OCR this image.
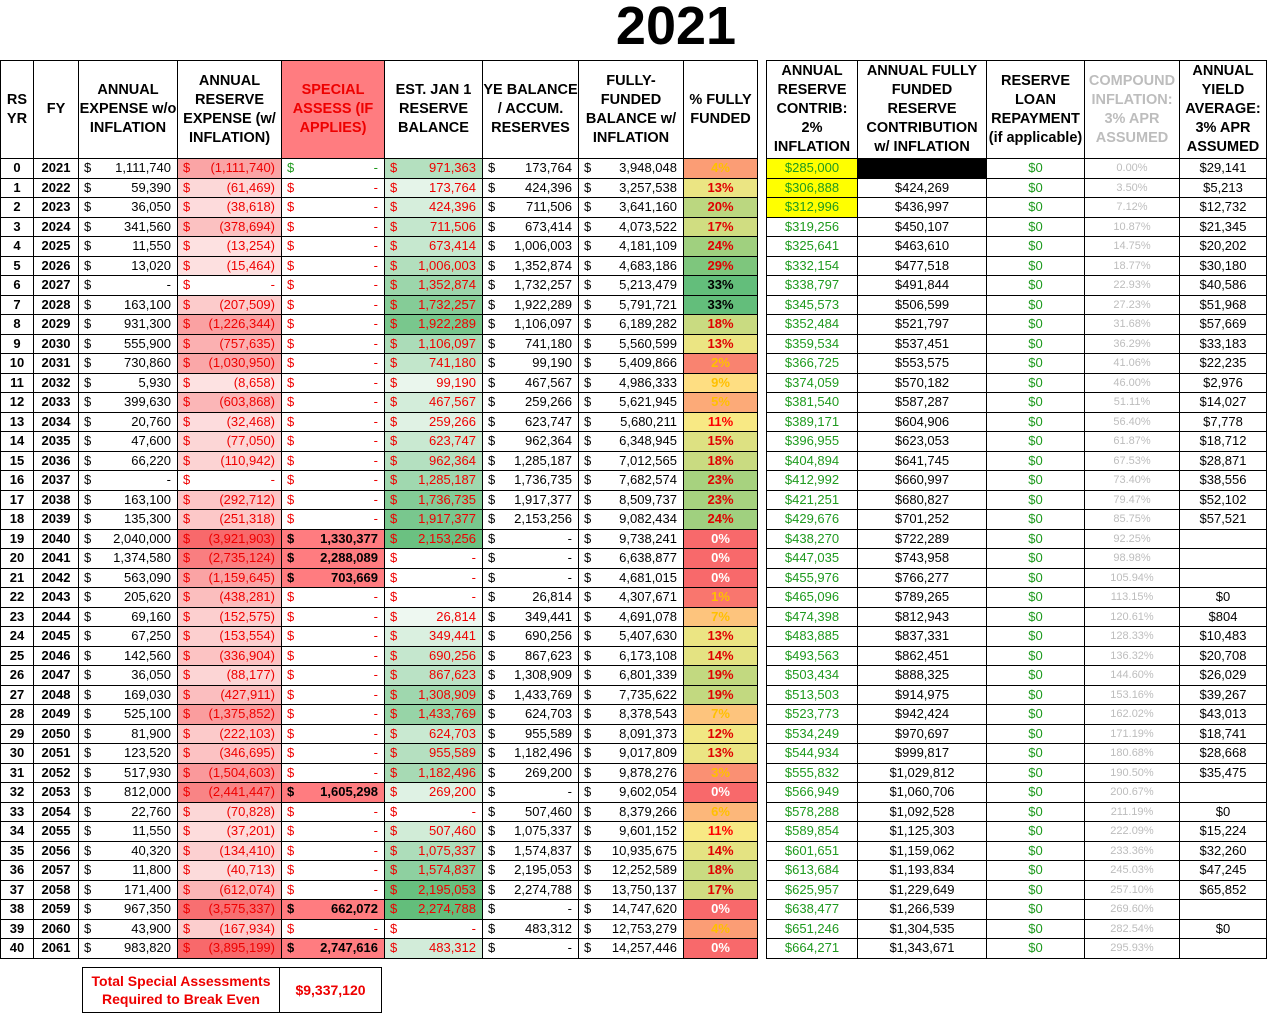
2021
RS YR	FY	ANNUAL EXPENSE w/o INFLATION	ANNUAL RESERVE EXPENSE (w/ INFLATION)	SPECIAL ASSESS (IF APPLIES)	EST. JAN 1 RESERVE BALANCE	YE BALANCE / ACCUM. RESERVES	FULLY-FUNDED BALANCE w/ INFLATION	% FULLY FUNDED
0	2021	$ 1,111,740	$ (1,111,740)	$ -	$ 971,363	$ 173,764	$ 3,948,048	4%
1	2022	$ 59,390	$ (61,469)	$ -	$ 173,764	$ 424,396	$ 3,257,538	13%
2	2023	$ 36,050	$ (38,618)	$ -	$ 424,396	$ 711,506	$ 3,641,160	20%
3	2024	$ 341,560	$ (378,694)	$ -	$ 711,506	$ 673,414	$ 4,073,522	17%
4	2025	$ 11,550	$ (13,254)	$ -	$ 673,414	$ 1,006,003	$ 4,181,109	24%
5	2026	$ 13,020	$ (15,464)	$ -	$ 1,006,003	$ 1,352,874	$ 4,683,186	29%
6	2027	$ -	$ -	$ -	$ 1,352,874	$ 1,732,257	$ 5,213,479	33%
7	2028	$ 163,100	$ (207,509)	$ -	$ 1,732,257	$ 1,922,289	$ 5,791,721	33%
8	2029	$ 931,300	$ (1,226,344)	$ -	$ 1,922,289	$ 1,106,097	$ 6,189,282	18%
9	2030	$ 555,900	$ (757,635)	$ -	$ 1,106,097	$ 741,180	$ 5,560,599	13%
10	2031	$ 730,860	$ (1,030,950)	$ -	$ 741,180	$ 99,190	$ 5,409,866	2%
11	2032	$ 5,930	$ (8,658)	$ -	$ 99,190	$ 467,567	$ 4,986,333	9%
12	2033	$ 399,630	$ (603,868)	$ -	$ 467,567	$ 259,266	$ 5,621,945	5%
13	2034	$ 20,760	$ (32,468)	$ -	$ 259,266	$ 623,747	$ 5,680,211	11%
14	2035	$ 47,600	$ (77,050)	$ -	$ 623,747	$ 962,364	$ 6,348,945	15%
15	2036	$ 66,220	$ (110,942)	$ -	$ 962,364	$ 1,285,187	$ 7,012,565	18%
16	2037	$ -	$ -	$ -	$ 1,285,187	$ 1,736,735	$ 7,682,574	23%
17	2038	$ 163,100	$ (292,712)	$ -	$ 1,736,735	$ 1,917,377	$ 8,509,737	23%
18	2039	$ 135,300	$ (251,318)	$ -	$ 1,917,377	$ 2,153,256	$ 9,082,434	24%
19	2040	$ 2,040,000	$ (3,921,903)	$ 1,330,377	$ 2,153,256	$ -	$ 9,738,241	0%
20	2041	$ 1,374,580	$ (2,735,124)	$ 2,288,089	$ -	$ -	$ 6,638,877	0%
21	2042	$ 563,090	$ (1,159,645)	$ 703,669	$ -	$ -	$ 4,681,015	0%
22	2043	$ 205,620	$ (438,281)	$ -	$ -	$ 26,814	$ 4,307,671	1%
23	2044	$ 69,160	$ (152,575)	$ -	$ 26,814	$ 349,441	$ 4,691,078	7%
24	2045	$ 67,250	$ (153,554)	$ -	$ 349,441	$ 690,256	$ 5,407,630	13%
25	2046	$ 142,560	$ (336,904)	$ -	$ 690,256	$ 867,623	$ 6,173,108	14%
26	2047	$ 36,050	$ (88,177)	$ -	$ 867,623	$ 1,308,909	$ 6,801,339	19%
27	2048	$ 169,030	$ (427,911)	$ -	$ 1,308,909	$ 1,433,769	$ 7,735,622	19%
28	2049	$ 525,100	$ (1,375,852)	$ -	$ 1,433,769	$ 624,703	$ 8,378,543	7%
29	2050	$ 81,900	$ (222,103)	$ -	$ 624,703	$ 955,589	$ 8,091,373	12%
30	2051	$ 123,520	$ (346,695)	$ -	$ 955,589	$ 1,182,496	$ 9,017,809	13%
31	2052	$ 517,930	$ (1,504,603)	$ -	$ 1,182,496	$ 269,200	$ 9,878,276	3%
32	2053	$ 812,000	$ (2,441,447)	$ 1,605,298	$ 269,200	$ -	$ 9,602,054	0%
33	2054	$ 22,760	$ (70,828)	$ -	$ -	$ 507,460	$ 8,379,266	6%
34	2055	$ 11,550	$ (37,201)	$ -	$ 507,460	$ 1,075,337	$ 9,601,152	11%
35	2056	$ 40,320	$ (134,410)	$ -	$ 1,075,337	$ 1,574,837	$ 10,935,675	14%
36	2057	$ 11,800	$ (40,713)	$ -	$ 1,574,837	$ 2,195,053	$ 12,252,589	18%
37	2058	$ 171,400	$ (612,074)	$ -	$ 2,195,053	$ 2,274,788	$ 13,750,137	17%
38	2059	$ 967,350	$ (3,575,337)	$ 662,072	$ 2,274,788	$ -	$ 14,747,620	0%
39	2060	$ 43,900	$ (167,934)	$ -	$ -	$ 483,312	$ 12,753,279	4%
40	2061	$ 983,820	$ (3,895,199)	$ 2,747,616	$ 483,312	$ -	$ 14,257,446	0%
ANNUAL RESERVE CONTRIB: 2% INFLATION	ANNUAL FULLY FUNDED RESERVE CONTRIBUTION w/ INFLATION	RESERVE LOAN REPAYMENT (if applicable)	COMPOUND INFLATION: 3% APR ASSUMED	ANNUAL YIELD AVERAGE: 3% APR ASSUMED
$285,000		$0	0.00%	$29,141
$306,888	$424,269	$0	3.50%	$5,213
$312,996	$436,997	$0	7.12%	$12,732
$319,256	$450,107	$0	10.87%	$21,345
$325,641	$463,610	$0	14.75%	$20,202
$332,154	$477,518	$0	18.77%	$30,180
$338,797	$491,844	$0	22.93%	$40,586
$345,573	$506,599	$0	27.23%	$51,968
$352,484	$521,797	$0	31.68%	$57,669
$359,534	$537,451	$0	36.29%	$33,183
$366,725	$553,575	$0	41.06%	$22,235
$374,059	$570,182	$0	46.00%	$2,976
$381,540	$587,287	$0	51.11%	$14,027
$389,171	$604,906	$0	56.40%	$7,778
$396,955	$623,053	$0	61.87%	$18,712
$404,894	$641,745	$0	67.53%	$28,871
$412,992	$660,997	$0	73.40%	$38,556
$421,251	$680,827	$0	79.47%	$52,102
$429,676	$701,252	$0	85.75%	$57,521
$438,270	$722,289	$0	92.25%	
$447,035	$743,958	$0	98.98%	
$455,976	$766,277	$0	105.94%	
$465,096	$789,265	$0	113.15%	$0
$474,398	$812,943	$0	120.61%	$804
$483,885	$837,331	$0	128.33%	$10,483
$493,563	$862,451	$0	136.32%	$20,708
$503,434	$888,325	$0	144.60%	$26,029
$513,503	$914,975	$0	153.16%	$39,267
$523,773	$942,424	$0	162.02%	$43,013
$534,249	$970,697	$0	171.19%	$18,741
$544,934	$999,817	$0	180.68%	$28,668
$555,832	$1,029,812	$0	190.50%	$35,475
$566,949	$1,060,706	$0	200.67%	
$578,288	$1,092,528	$0	211.19%	$0
$589,854	$1,125,303	$0	222.09%	$15,224
$601,651	$1,159,062	$0	233.36%	$32,260
$613,684	$1,193,834	$0	245.03%	$47,245
$625,957	$1,229,649	$0	257.10%	$65,852
$638,477	$1,266,539	$0	269.60%	
$651,246	$1,304,535	$0	282.54%	$0
$664,271	$1,343,671	$0	295.93%	
Total Special Assessments Required to Break Even	$9,337,120
